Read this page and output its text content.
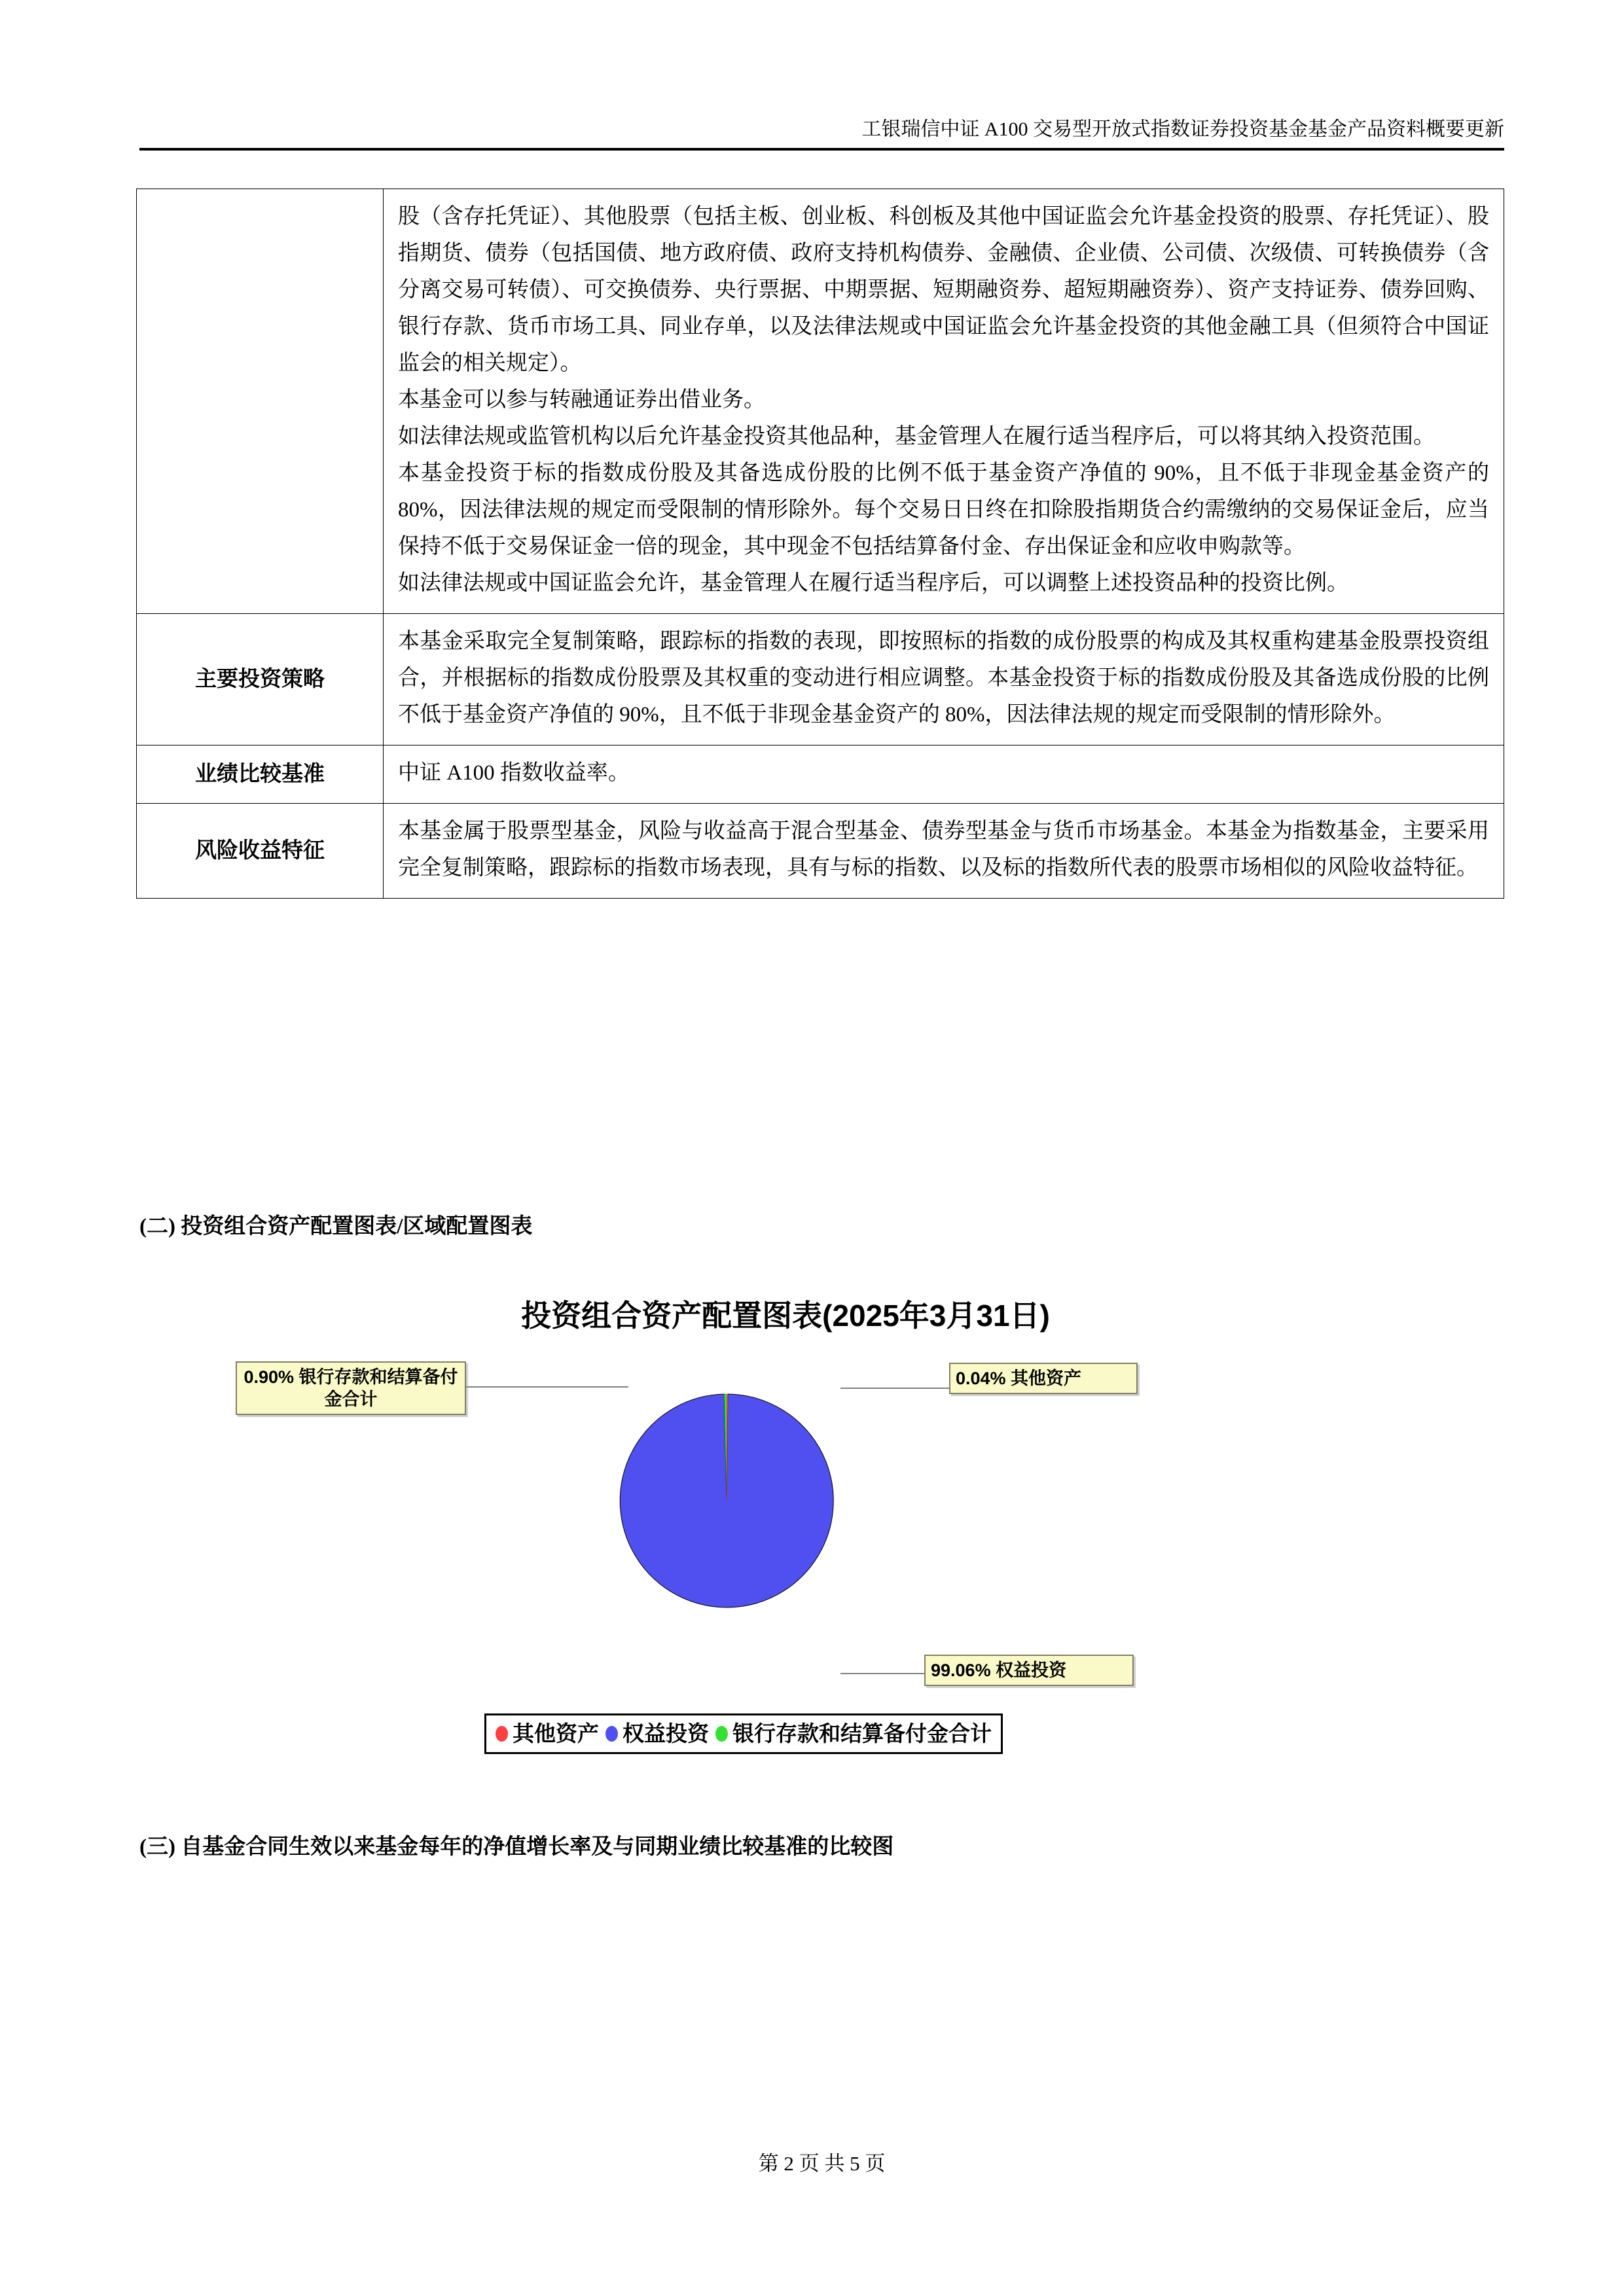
工银瑞信中证 A100 交易型开放式指数证券投资基金基金产品资料概要更新

	股（含存托凭证）、其他股票（包括主板、创业板、科创板及其他中国证监会允许基金投资的股票、存托凭证）、股指期货、债券（包括国债、地方政府债、政府支持机构债券、金融债、企业债、公司债、次级债、可转换债券（含分离交易可转债）、可交换债券、央行票据、中期票据、短期融资券、超短期融资券）、资产支持证券、债券回购、银行存款、货币市场工具、同业存单，以及法律法规或中国证监会允许基金投资的其他金融工具（但须符合中国证监会的相关规定）。

本基金可以参与转融通证券出借业务。

如法律法规或监管机构以后允许基金投资其他品种，基金管理人在履行适当程序后，可以将其纳入投资范围。

本基金投资于标的指数成份股及其备选成份股的比例不低于基金资产净值的 90%，且不低于非现金基金资产的 80%，因法律法规的规定而受限制的情形除外。每个交易日日终在扣除股指期货合约需缴纳的交易保证金后，应当保持不低于交易保证金一倍的现金，其中现金不包括结算备付金、存出保证金和应收申购款等。

如法律法规或中国证监会允许，基金管理人在履行适当程序后，可以调整上述投资品种的投资比例。

主要投资策略	本基金采取完全复制策略，跟踪标的指数的表现，即按照标的指数的成份股票的构成及其权重构建基金股票投资组合，并根据标的指数成份股票及其权重的变动进行相应调整。本基金投资于标的指数成份股及其备选成份股的比例不低于基金资产净值的 90%，且不低于非现金基金资产的 80%，因法律法规的规定而受限制的情形除外。

业绩比较基准	中证 A100 指数收益率。

风险收益特征	本基金属于股票型基金，风险与收益高于混合型基金、债券型基金与货币市场基金。本基金为指数基金，主要采用完全复制策略，跟踪标的指数市场表现，具有与标的指数、以及标的指数所代表的股票市场相似的风险收益特征。

(二) 投资组合资产配置图表/区域配置图表
投资组合资产配置图表(2025年3月31日)
0.90% 银行存款和结算备付金合计
0.04% 其他资产
99.06% 权益投资
其他资产 权益投资 银行存款和结算备付金合计
(三) 自基金合同生效以来基金每年的净值增长率及与同期业绩比较基准的比较图
第 2 页 共 5 页
